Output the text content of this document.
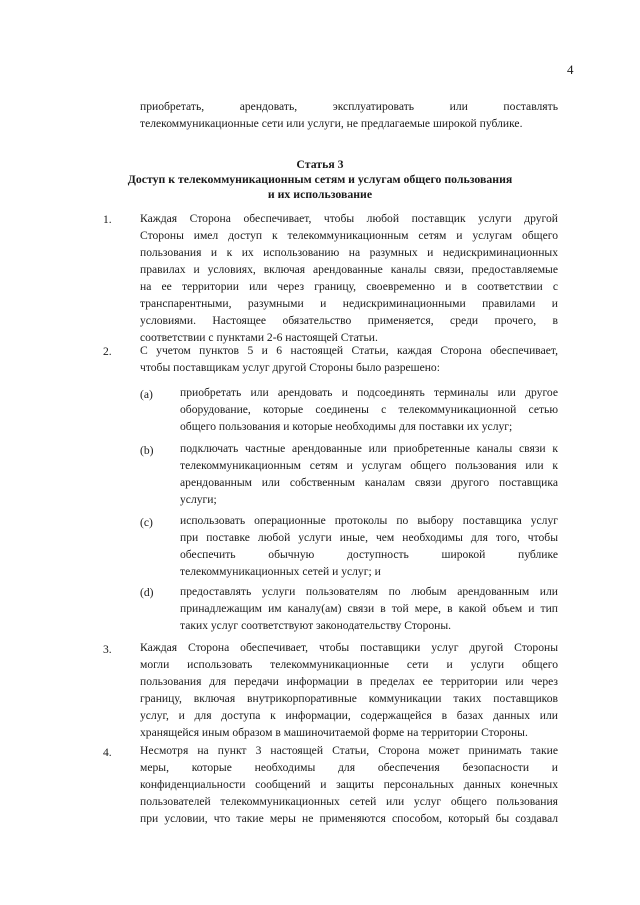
4
приобретать, арендовать, эксплуатировать или поставлять
телекоммуникационные сети или услуги, не предлагаемые широкой публике.
Статья 3
Доступ к телекоммуникационным сетям и услугам общего пользования
и их использование
1. Каждая Сторона обеспечивает, чтобы любой поставщик услуги другой
Стороны имел доступ к телекоммуникационным сетям и услугам общего
пользования и к их использованию на разумных и недискриминационных
правилах и условиях, включая арендованные каналы связи, предоставляемые
на ее территории или через границу, своевременно и в соответствии с
транспарентными, разумными и недискриминационными правилами и
условиями. Настоящее обязательство применяется, среди прочего, в
соответствии с пунктами 2-6 настоящей Статьи.
2. С учетом пунктов 5 и 6 настоящей Статьи, каждая Сторона обеспечивает,
чтобы поставщикам услуг другой Стороны было разрешено:
(a) приобретать или арендовать и подсоединять терминалы или другое
оборудование, которые соединены с телекоммуникационной сетью
общего пользования и которые необходимы для поставки их услуг;
(b) подключать частные арендованные или приобретенные каналы связи к
телекоммуникационным сетям и услугам общего пользования или к
арендованным или собственным каналам связи другого поставщика
услуги;
(c) использовать операционные протоколы по выбору поставщика услуг
при поставке любой услуги иные, чем необходимы для того, чтобы
обеспечить обычную доступность широкой публике
телекоммуникационных сетей и услуг; и
(d) предоставлять услуги пользователям по любым арендованным или
принадлежащим им каналу(ам) связи в той мере, в какой объем и тип
таких услуг соответствуют законодательству Стороны.
3. Каждая Сторона обеспечивает, чтобы поставщики услуг другой Стороны
могли использовать телекоммуникационные сети и услуги общего
пользования для передачи информации в пределах ее территории или через
границу, включая внутрикорпоративные коммуникации таких поставщиков
услуг, и для доступа к информации, содержащейся в базах данных или
хранящейся иным образом в машиночитаемой форме на территории Стороны.
4. Несмотря на пункт 3 настоящей Статьи, Сторона может принимать такие
меры, которые необходимы для обеспечения безопасности и
конфиденциальности сообщений и защиты персональных данных конечных
пользователей телекоммуникационных сетей или услуг общего пользования
при условии, что такие меры не применяются способом, который бы создавал
